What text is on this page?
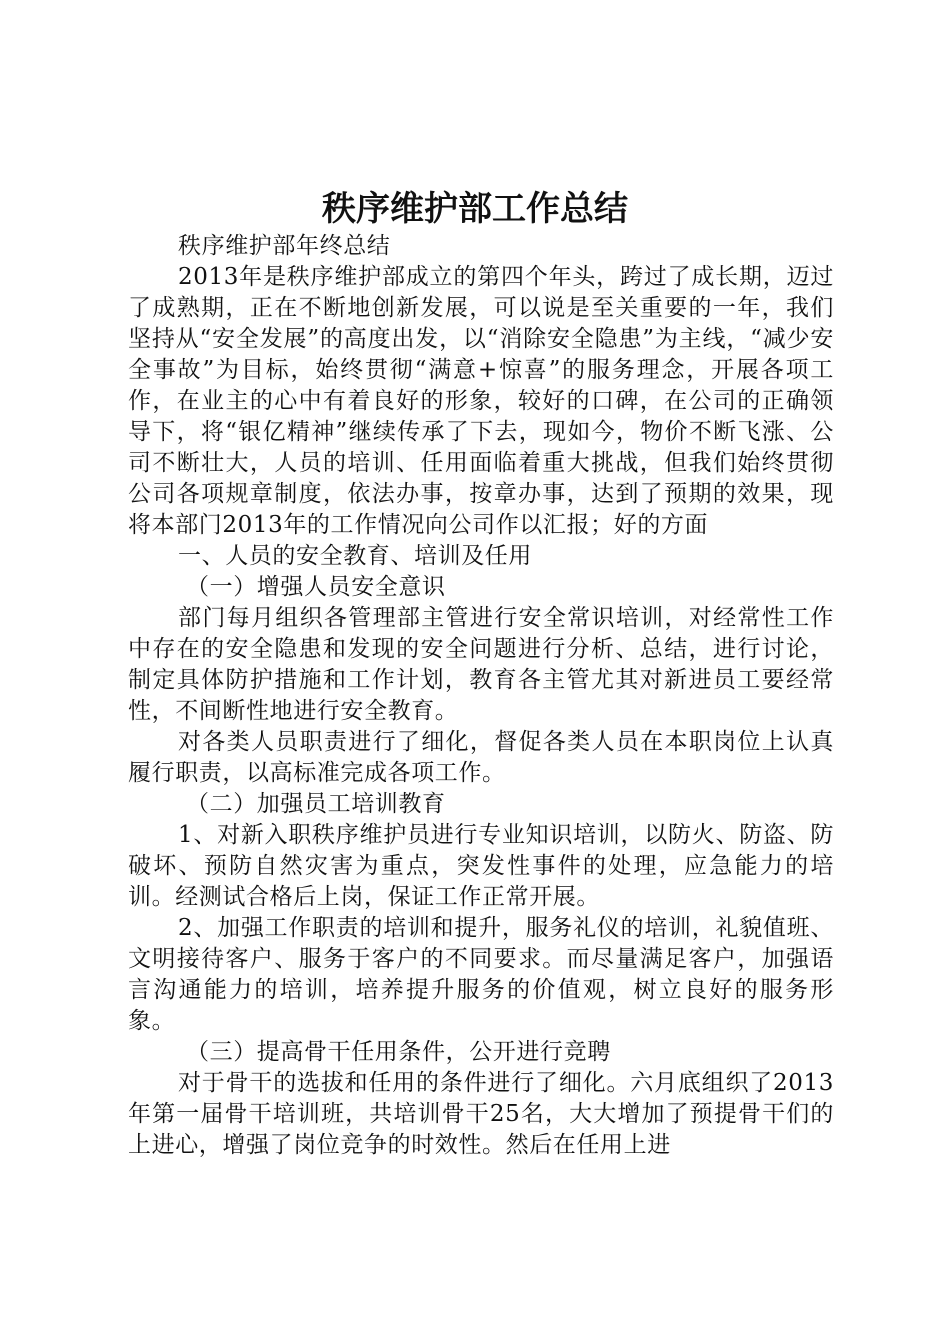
秩序维护部工作总结

秩序维护部年终总结

2013年是秩序维护部成立的第四个年头，跨过了成长期，迈过了成熟期，正在不断地创新发展，可以说是至关重要的一年，我们坚持从“安全发展”的高度出发，以“消除安全隐患”为主线，“减少安全事故”为目标，始终贯彻“满意+惊喜”的服务理念，开展各项工作，在业主的心中有着良好的形象，较好的口碑，在公司的正确领导下，将“银亿精神”继续传承了下去，现如今，物价不断飞涨、公司不断壮大，人员的培训、任用面临着重大挑战，但我们始终贯彻公司各项规章制度，依法办事，按章办事，达到了预期的效果，现将本部门2013年的工作情况向公司作以汇报；好的方面

一、人员的安全教育、培训及任用

（一）增强人员安全意识

部门每月组织各管理部主管进行安全常识培训，对经常性工作中存在的安全隐患和发现的安全问题进行分析、总结，进行讨论，制定具体防护措施和工作计划，教育各主管尤其对新进员工要经常性，不间断性地进行安全教育。

对各类人员职责进行了细化，督促各类人员在本职岗位上认真履行职责，以高标准完成各项工作。

（二）加强员工培训教育

1、对新入职秩序维护员进行专业知识培训，以防火、防盗、防破坏、预防自然灾害为重点，突发性事件的处理，应急能力的培训。经测试合格后上岗，保证工作正常开展。

2、加强工作职责的培训和提升，服务礼仪的培训，礼貌值班、文明接待客户、服务于客户的不同要求。而尽量满足客户，加强语言沟通能力的培训，培养提升服务的价值观，树立良好的服务形象。

（三）提高骨干任用条件，公开进行竞聘

对于骨干的选拔和任用的条件进行了细化。六月底组织了2013年第一届骨干培训班，共培训骨干25名，大大增加了预提骨干们的上进心，增强了岗位竞争的时效性。然后在任用上进
